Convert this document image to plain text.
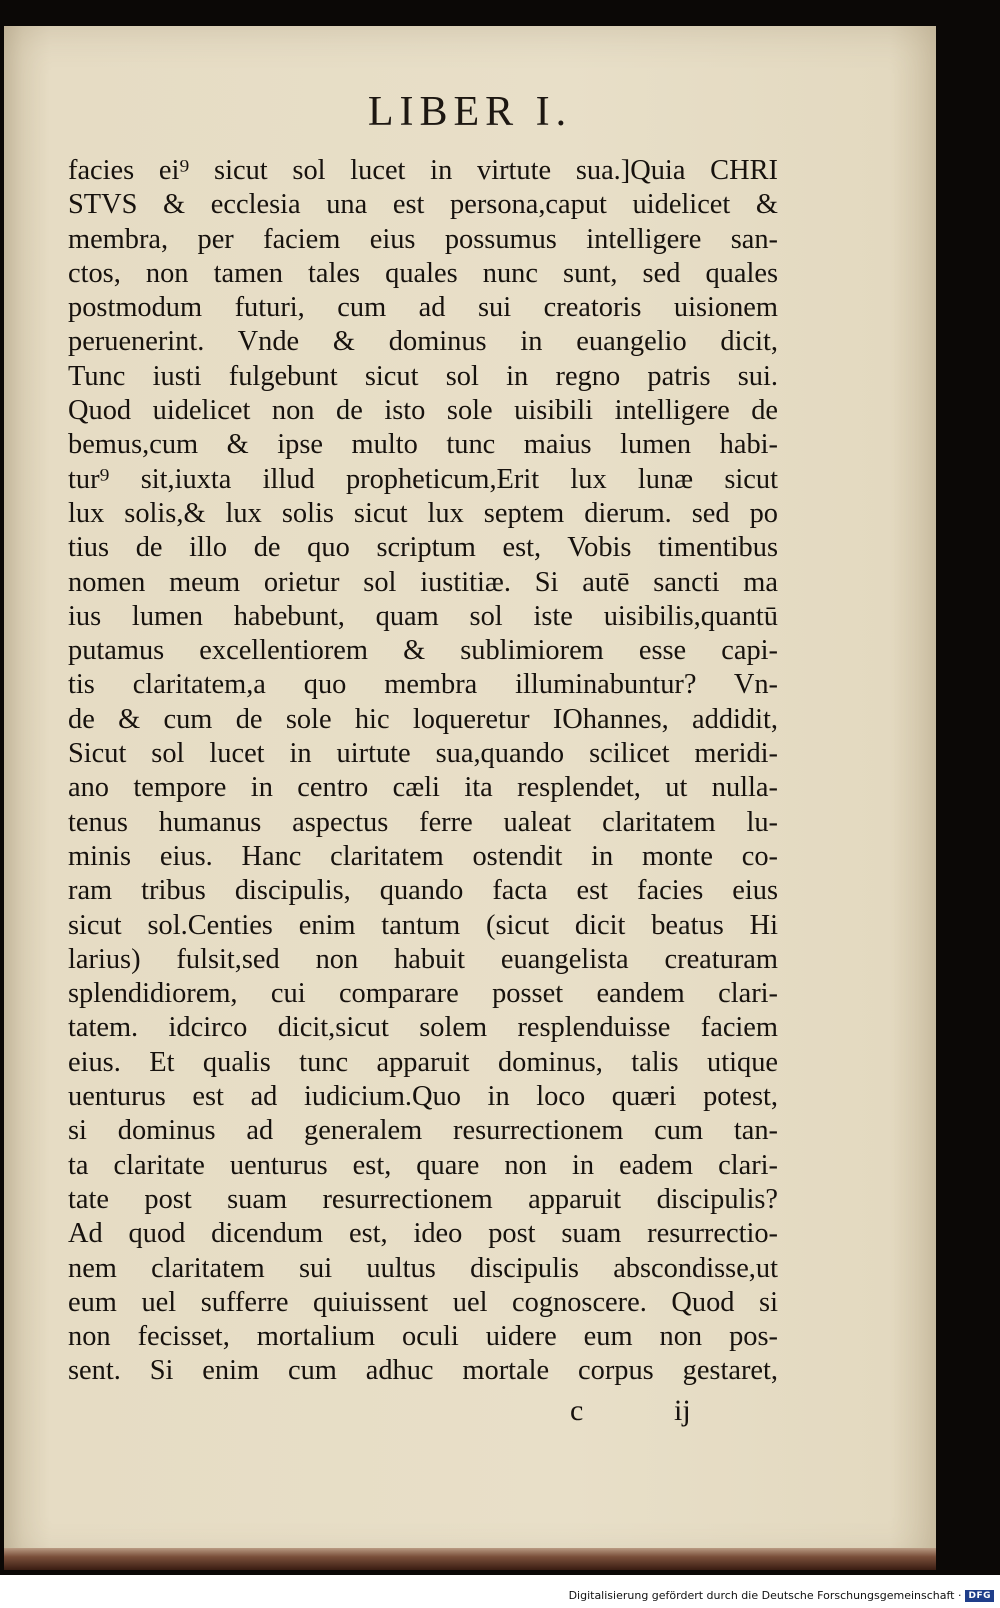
LIBER I.
facies ei⁹ sicut sol lucet in virtute sua.]Quia CHRI
STVS & ecclesia una est persona,caput uidelicet &
membra, per faciem eius possumus intelligere san-
ctos, non tamen tales quales nunc sunt, sed quales
postmodum futuri, cum ad sui creatoris uisionem
peruenerint. Vnde & dominus in euangelio dicit,
Tunc iusti fulgebunt sicut sol in regno patris sui.
Quod uidelicet non de isto sole uisibili intelligere de
bemus,cum & ipse multo tunc maius lumen habi-
tur⁹ sit,iuxta illud propheticum,Erit lux lunæ sicut
lux solis,& lux solis sicut lux septem dierum. sed po
tius de illo de quo scriptum est, Vobis timentibus
nomen meum orietur sol iustitiæ. Si autē sancti ma
ius lumen habebunt, quam sol iste uisibilis,quantū
putamus excellentiorem & sublimiorem esse capi-
tis claritatem,a quo membra illuminabuntur? Vn-
de & cum de sole hic loqueretur IOhannes, addidit,
Sicut sol lucet in uirtute sua,quando scilicet meridi-
ano tempore in centro cæli ita resplendet, ut nulla-
tenus humanus aspectus ferre ualeat claritatem lu-
minis eius. Hanc claritatem ostendit in monte co-
ram tribus discipulis, quando facta est facies eius
sicut sol.Centies enim tantum (sicut dicit beatus Hi
larius) fulsit,sed non habuit euangelista creaturam
splendidiorem, cui comparare posset eandem clari-
tatem. idcirco dicit,sicut solem resplenduisse faciem
eius. Et qualis tunc apparuit dominus, talis utique
uenturus est ad iudicium.Quo in loco quæri potest,
si dominus ad generalem resurrectionem cum tan-
ta claritate uenturus est, quare non in eadem clari-
tate post suam resurrectionem apparuit discipulis?
Ad quod dicendum est, ideo post suam resurrectio-
nem claritatem sui uultus discipulis abscondisse,ut
eum uel sufferre quiuissent uel cognoscere. Quod si
non fecisset, mortalium oculi uidere eum non pos-
sent. Si enim cum adhuc mortale corpus gestaret,
c	ij
Digitalisierung gefördert durch die Deutsche Forschungsgemeinschaft · DFG
